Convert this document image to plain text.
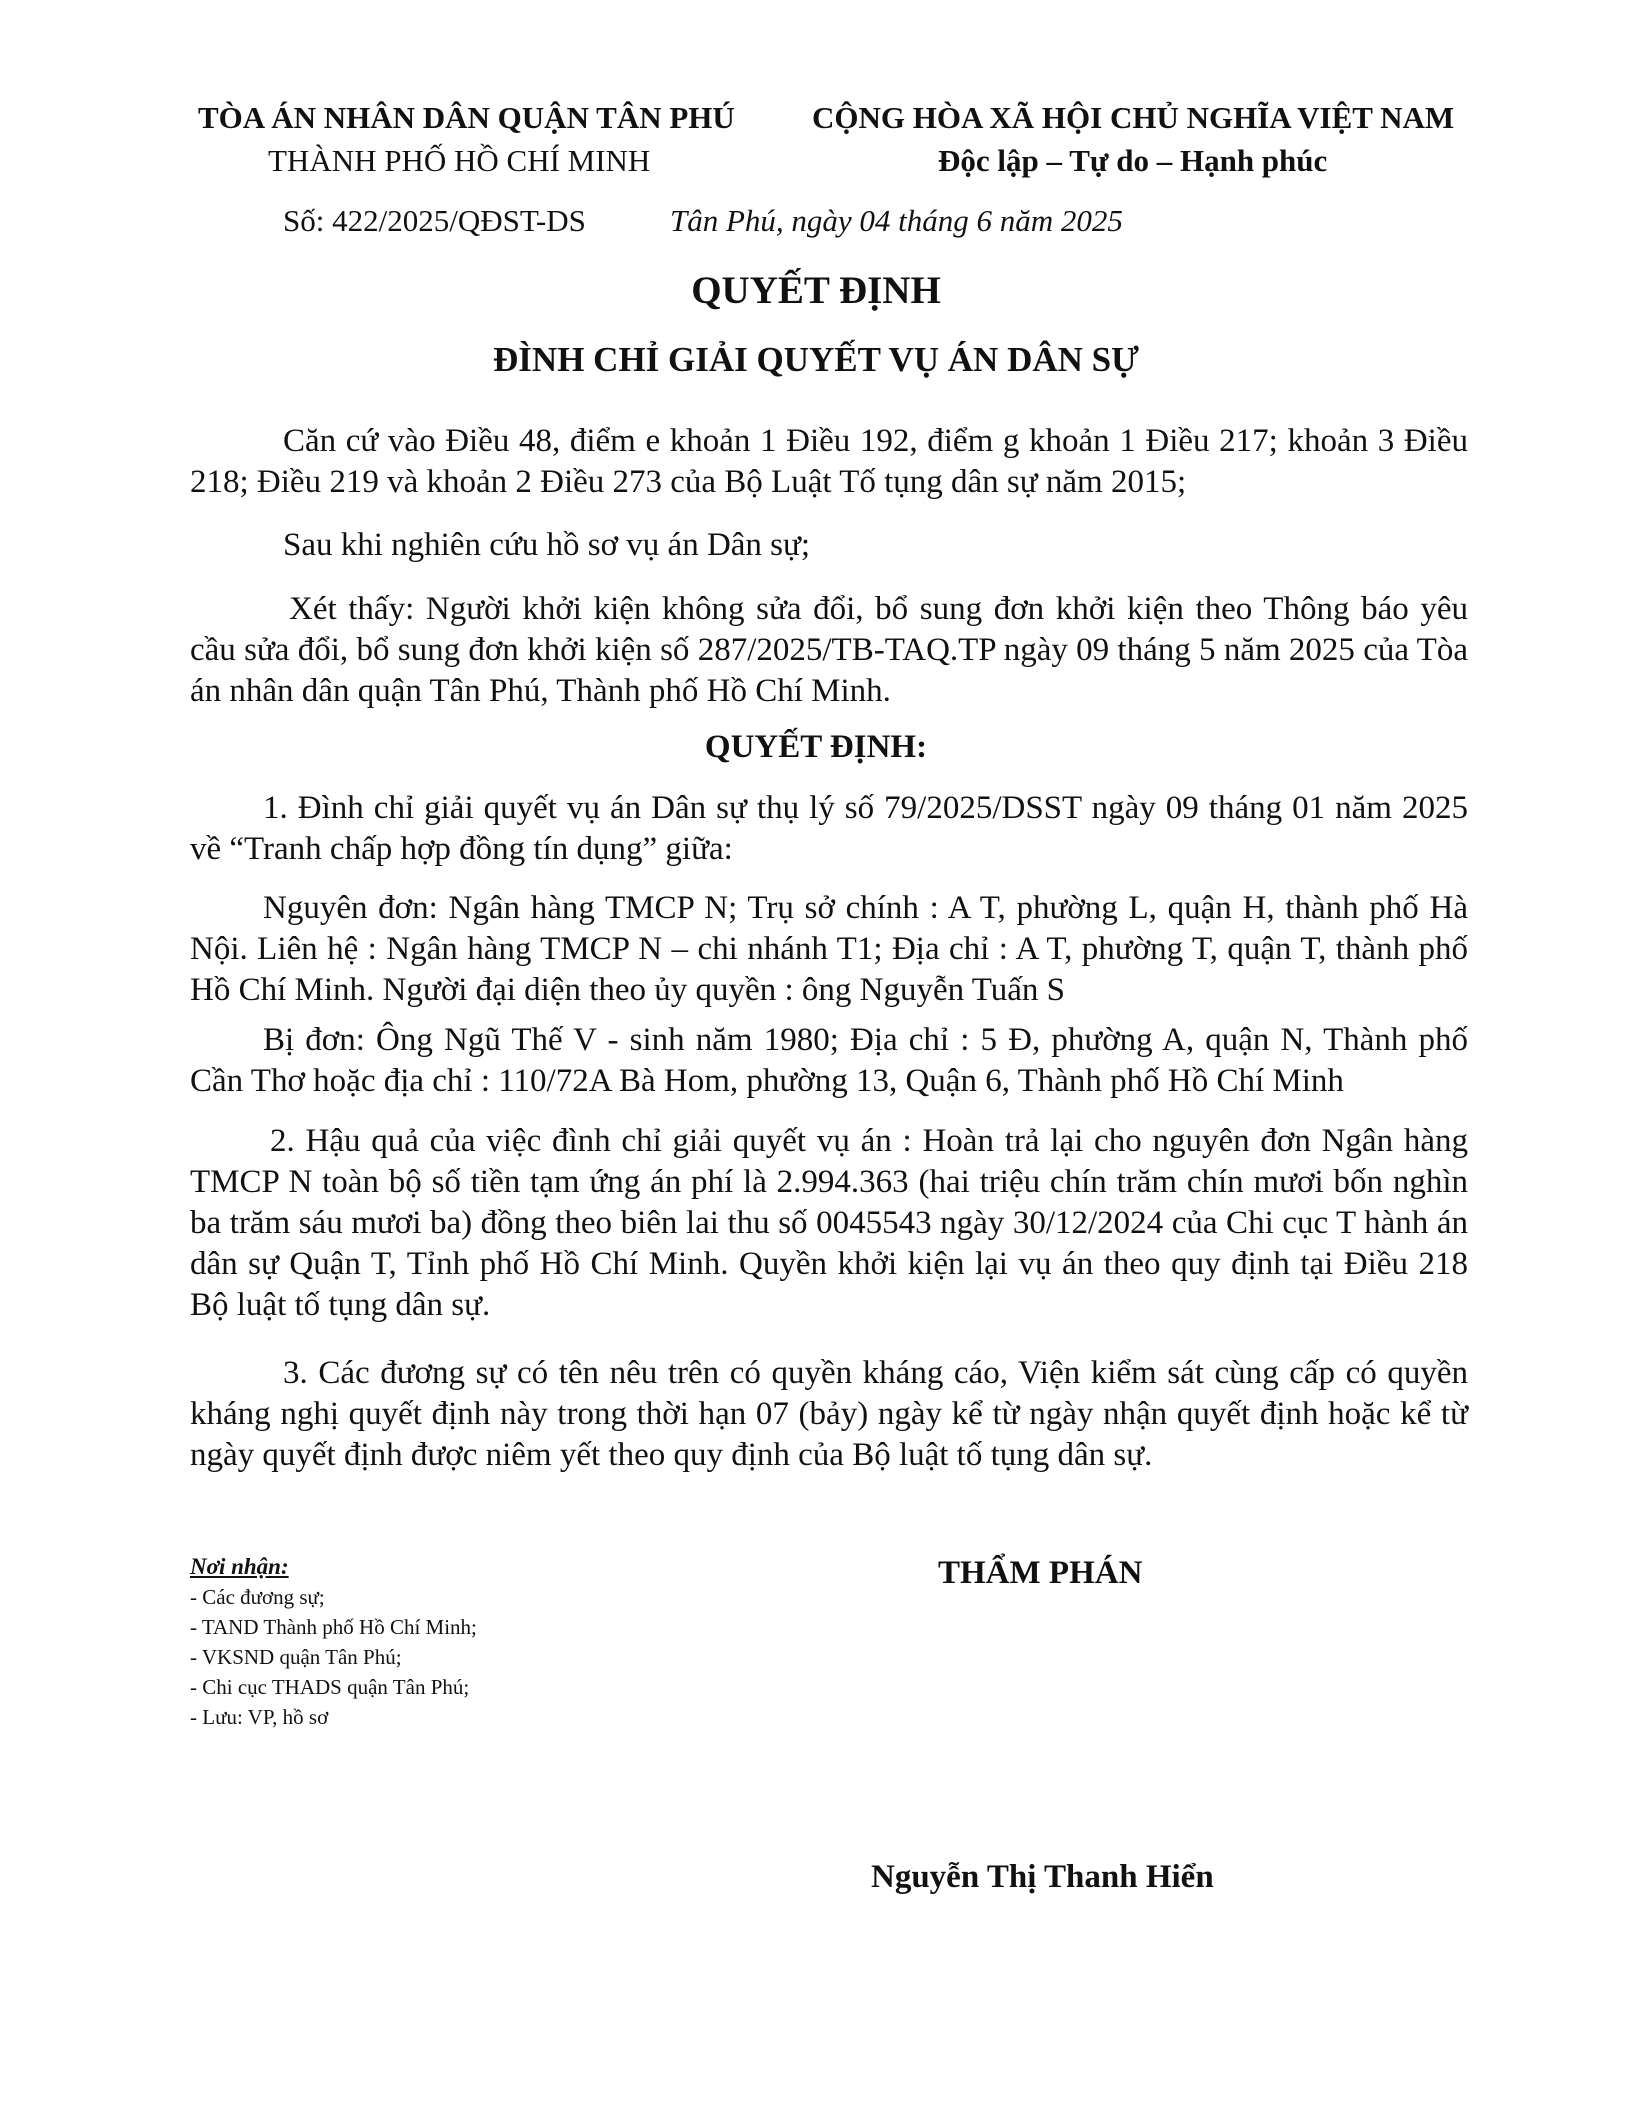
TÒA ÁN NHÂN DÂN QUẬN TÂN PHÚ
THÀNH PHỐ HỒ CHÍ MINH
CỘNG HÒA XÃ HỘI CHỦ NGHĨA VIỆT NAM
Độc lập – Tự do – Hạnh phúc
Số: 422/2025/QĐST-DS	Tân Phú, ngày 04 tháng 6 năm 2025
QUYẾT ĐỊNH
ĐÌNH CHỈ GIẢI QUYẾT VỤ ÁN DÂN SỰ

Căn cứ vào Điều 48, điểm e khoản 1 Điều 192, điểm g khoản 1 Điều 217; khoản 3 Điều 218; Điều 219 và khoản 2 Điều 273 của Bộ Luật Tố tụng dân sự năm 2015;

Sau khi nghiên cứu hồ sơ vụ án Dân sự;

Xét thấy: Người khởi kiện không sửa đổi, bổ sung đơn khởi kiện theo Thông báo yêu cầu sửa đổi, bổ sung đơn khởi kiện số 287/2025/TB-TAQ.TP ngày 09 tháng 5 năm 2025 của Tòa án nhân dân quận Tân Phú, Thành phố Hồ Chí Minh.

QUYẾT ĐỊNH:

1. Đình chỉ giải quyết vụ án Dân sự thụ lý số 79/2025/DSST ngày 09 tháng 01 năm 2025 về “Tranh chấp hợp đồng tín dụng” giữa:

Nguyên đơn: Ngân hàng TMCP N; Trụ sở chính : A T, phường L, quận H, thành phố Hà Nội. Liên hệ : Ngân hàng TMCP N – chi nhánh T1; Địa chỉ : A T, phường T, quận T, thành phố Hồ Chí Minh. Người đại diện theo ủy quyền : ông Nguyễn Tuấn S

Bị đơn: Ông Ngũ Thế V - sinh năm 1980; Địa chỉ : 5 Đ, phường A, quận N, Thành phố Cần Thơ hoặc địa chỉ : 110/72A Bà Hom, phường 13, Quận 6, Thành phố Hồ Chí Minh

2. Hậu quả của việc đình chỉ giải quyết vụ án : Hoàn trả lại cho nguyên đơn Ngân hàng TMCP N toàn bộ số tiền tạm ứng án phí là 2.994.363 (hai triệu chín trăm chín mươi bốn nghìn ba trăm sáu mươi ba) đồng theo biên lai thu số 0045543 ngày 30/12/2024 của Chi cục T hành án dân sự Quận T, Tỉnh phố Hồ Chí Minh. Quyền khởi kiện lại vụ án theo quy định tại Điều 218 Bộ luật tố tụng dân sự.

3. Các đương sự có tên nêu trên có quyền kháng cáo, Viện kiểm sát cùng cấp có quyền kháng nghị quyết định này trong thời hạn 07 (bảy) ngày kể từ ngày nhận quyết định hoặc kể từ ngày quyết định được niêm yết theo quy định của Bộ luật tố tụng dân sự.

Nơi nhận:
- Các đương sự;
- TAND Thành phố Hồ Chí Minh;
- VKSND quận Tân Phú;
- Chi cục THADS quận Tân Phú;
- Lưu: VP, hồ sơ
THẨM PHÁN
Nguyễn Thị Thanh Hiển
